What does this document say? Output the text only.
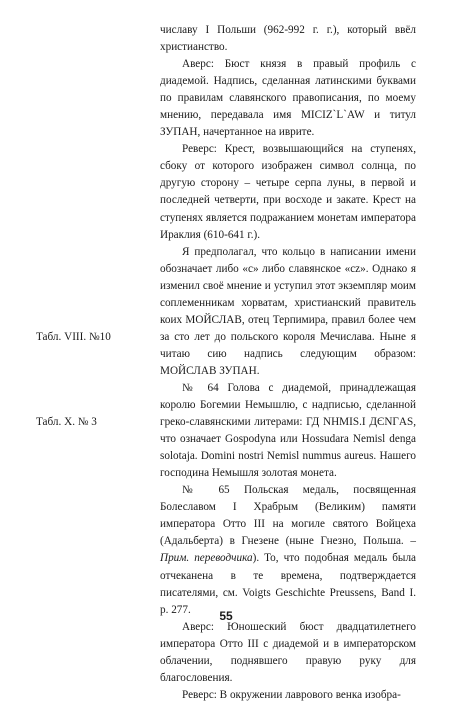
Табл. VIII. №10
Табл. X. № 3

числаву I Польши (962-992 г. г.), который ввёл христианство.

Аверс: Бюст князя в правый профиль с диадемой. Надпись, сделанная латинскими буквами по правилам славянского правописания, по моему мнению, передавала имя MICIZ`L`AW и титул ЗУПАН, начертанное на иврите.

Реверс: Крест, возвышающийся на ступенях, сбоку от которого изображен символ солнца, по другую сторону – четыре серпа луны, в первой и последней четверти, при восходе и закате. Крест на ступенях является подражанием монетам императора Ираклия (610-641 г.).

Я предполагал, что кольцо в написании имени обозначает либо «с» либо славянское «cz». Однако я изменил своё мнение и уступил этот экземпляр моим соплеменникам хорватам, христианский правитель коих МОЙСЛАВ, отец Терпимира, правил более чем за сто лет до польского короля Мечислава. Ныне я читаю сию надпись следующим образом: МОЙСЛАВ ЗУПАН.

№ 64 Голова с диадемой, принадлежащая королю Богемии Немышлю, с надписью, сделанной греко-славянскими литерами: ГД NHMIS.I ДЄNГAS, что означает Gospodyna или Hossudara Nemisl denga solotaja. Domini nostri Nemisl nummus aureus. Нашего господина Немышля золотая монета.

№ 65 Польская медаль, посвященная Болеславом I Храбрым (Великим) памяти императора Отто III на могиле святого Войцеха (Адальберта) в Гнезене (ныне Гнезно, Польша. – Прим. переводчика). То, что подобная медаль была отчеканена в те времена, подтверждается писателями, см. Voigts Geschichte Preussens, Band I. p. 277.

Аверс: Юношеский бюст двадцатилетнего императора Отто III с диадемой и в императорском облачении, поднявшего правую руку для благословения.

Реверс: В окружении лаврового венка изобра-

55
